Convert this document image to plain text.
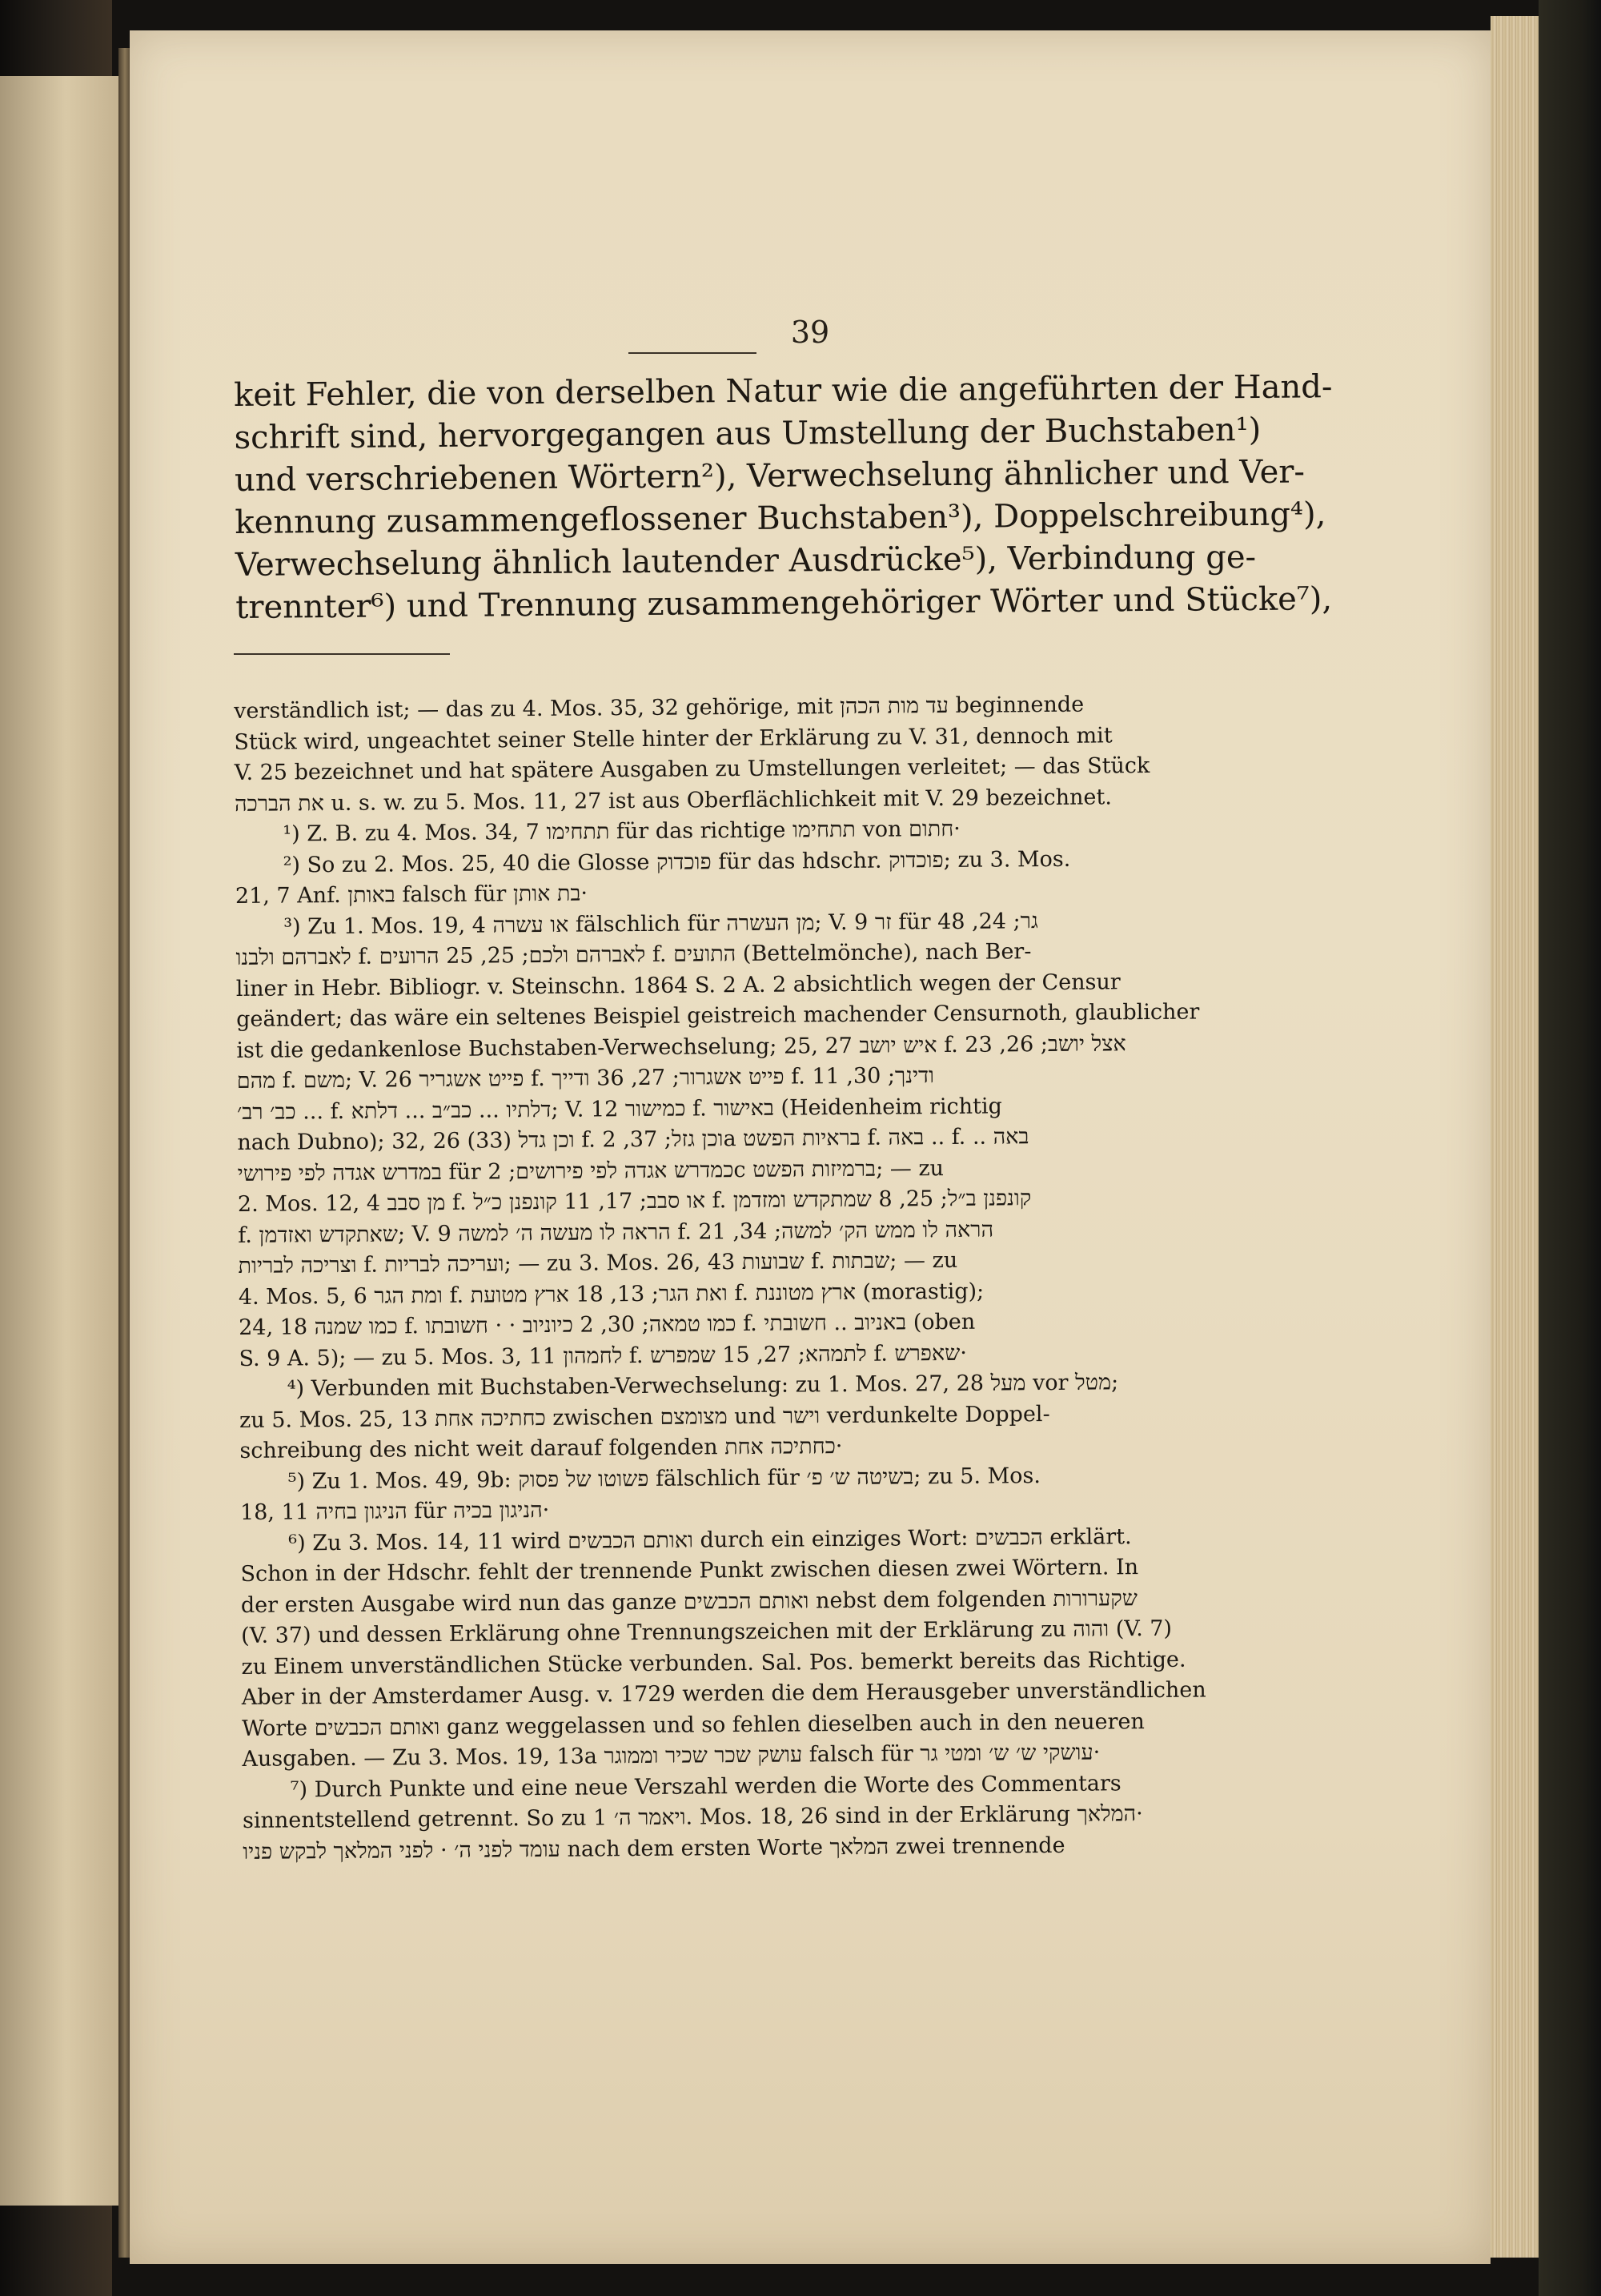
39
keit Fehler, die von derselben Natur wie die angeführten der Hand-
schrift sind, hervorgegangen aus Umstellung der Buchstaben¹)
und verschriebenen Wörtern²), Verwechselung ähnlicher und Ver-
kennung zusammengeflossener Buchstaben³), Doppelschreibung⁴),
Verwechselung ähnlich lautender Ausdrücke⁵), Verbindung ge-
trennter⁶) und Trennung zusammengehöriger Wörter und Stücke⁷),
verständlich ist; — das zu 4. Mos. 35, 32 gehörige, mit עד מות הכהן beginnende
Stück wird, ungeachtet seiner Stelle hinter der Erklärung zu V. 31, dennoch mit
V. 25 bezeichnet und hat spätere Ausgaben zu Umstellungen verleitet; — das Stück
את הברכה u. s. w. zu 5. Mos. 11, 27 ist aus Oberflächlichkeit mit V. 29 bezeichnet.
¹) Z. B. zu 4. Mos. 34, 7 תתחימו für das richtige תתחימו von חתום·
²) So zu 2. Mos. 25, 40 die Glosse פוכדוק für das hdschr. פוכדוק; zu 3. Mos.
21, 7 Anf. באותן falsch für בת אותן·
³) Zu 1. Mos. 19, 4 או עשרה fälschlich für מן העשרה; V. 9 זר für גר; 24, 48
לאברהם ולבנו f. לאברהם ולכם; 25, 25 הרועים f. התועים (Bettelmönche), nach Ber-
liner in Hebr. Bibliogr. v. Steinschn. 1864 S. 2 A. 2 absichtlich wegen der Censur
geändert; das wäre ein seltenes Beispiel geistreich machender Censurnoth, glaublicher
ist die gedankenlose Buchstaben-Verwechselung; 25, 27 איש יושב f. אצל יושב; 26, 23
מהם f. משם; V. 26 פייט אשגריר f. פייט אשגרור; 27, 36 ודייך f. ודינך; 30, 11
כב׳ רב׳ ... f. דלתיו ... כב״ב ... דלתא; V. 12 כמישור f. באישור (Heidenheim richtig
nach Dubno); 32, 26 (33) וכן גדל f. וכן גזל; 37, 2a בראיות הפשט f. באה .. f. .. באה
במדרש אגדה לפי פירושי für כמדרש אגדה לפי פירושים; 2c ברמיזות הפשט; — zu
2. Mos. 12, 4 מן סבב f. או סבב; 17, 11 קונפנן כ״ל f. קונפנן ב״ל; 25, 8 שמתקדש ומזדמן
f. שאתקדש ואזדמן; V. 9 הראה לו מעשה ה׳ למשה f. הראה לו ממש הק׳ למשה; 34, 21
וצריכה לבריות f. ועריכה לבריות; — zu 3. Mos. 26, 43 שבועות f. שבתות; — zu
4. Mos. 5, 6 ומת הגר f. ואת הגר; 13, 18 ארץ מטועת f. ארץ מטוננת (morastig);
24, 18 כמו שמנה f. כמו טמאה; 30, 2 כיוניוב · · חשובתו f. באניוב .. חשובתי (oben
S. 9 A. 5); — zu 5. Mos. 3, 11 לחמהון f. לתמהא; 27, 15 שמפרש f. שאפרש·
⁴) Verbunden mit Buchstaben-Verwechselung: zu 1. Mos. 27, 28 מעל vor מטל;
zu 5. Mos. 25, 13 כחתיכה אחת zwischen מצומצם und וישר verdunkelte Doppel-
schreibung des nicht weit darauf folgenden כחתיכה אחת·
⁵) Zu 1. Mos. 49, 9b: פשוטו של פסוק fälschlich für בשיטה ש׳ פ׳; zu 5. Mos.
18, 11 הניגון בחיה für הניגון בכיה·
⁶) Zu 3. Mos. 14, 11 wird ואותם הכבשים durch ein einziges Wort: הכבשים erklärt.
Schon in der Hdschr. fehlt der trennende Punkt zwischen diesen zwei Wörtern. In
der ersten Ausgabe wird nun das ganze ואותם הכבשים nebst dem folgenden שקערורות
(V. 37) und dessen Erklärung ohne Trennungszeichen mit der Erklärung zu והוה (V. 7)
zu Einem unverständlichen Stücke verbunden. Sal. Pos. bemerkt bereits das Richtige.
Aber in der Amsterdamer Ausg. v. 1729 werden die dem Herausgeber unverständlichen
Worte ואותם הכבשים ganz weggelassen und so fehlen dieselben auch in den neueren
Ausgaben. — Zu 3. Mos. 19, 13a עושק שכר שכיר וממוגר falsch für עושקי ש׳ ש׳ ומטי גר·
⁷) Durch Punkte und eine neue Verszahl werden die Worte des Commentars
sinnentstellend getrennt. So zu ויאמר ה׳ 1. Mos. 18, 26 sind in der Erklärung המלאך·
עומד לפני ה׳ · לפני המלאך לבקש פניו nach dem ersten Worte המלאך zwei trennende
